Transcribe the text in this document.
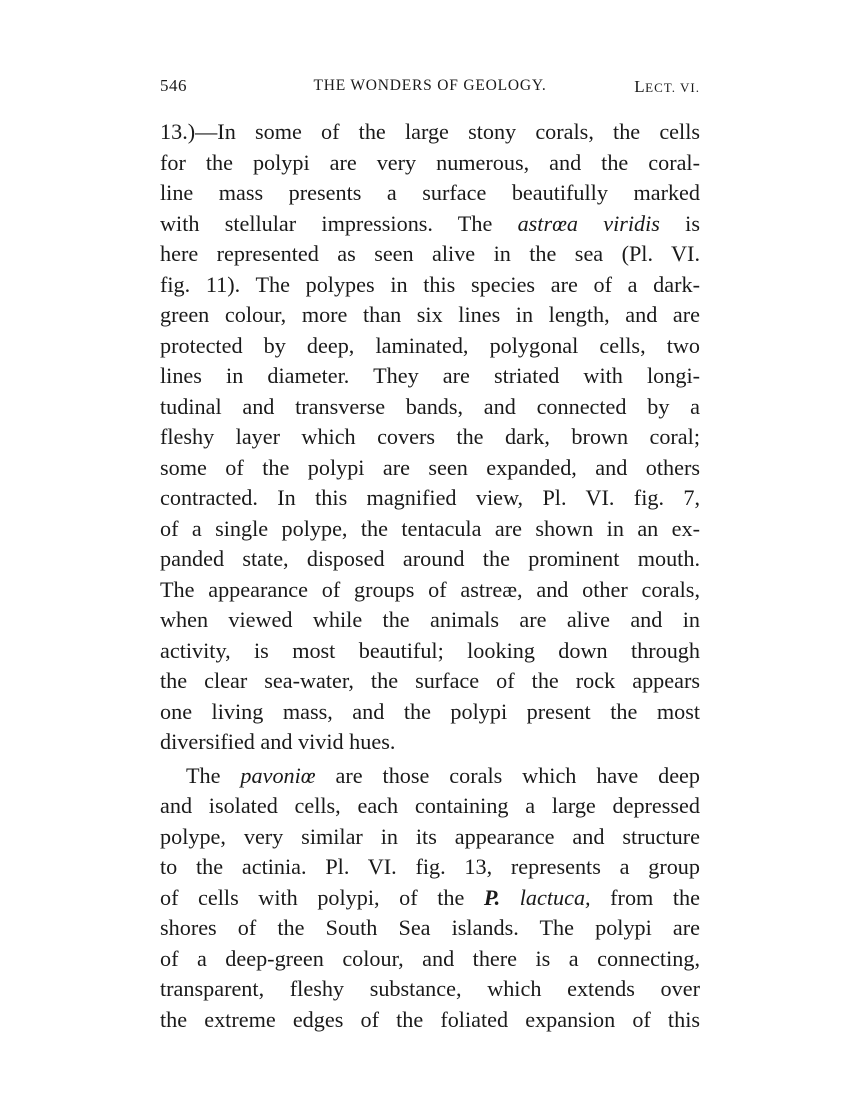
546	THE WONDERS OF GEOLOGY.	LECT. VI.
13.)—In some of the large stony corals, the cells
for the polypi are very numerous, and the coral-
line mass presents a surface beautifully marked
with stellular impressions. The astrœa viridis is
here represented as seen alive in the sea (Pl. VI.
fig. 11). The polypes in this species are of a dark-
green colour, more than six lines in length, and are
protected by deep, laminated, polygonal cells, two
lines in diameter. They are striated with longi-
tudinal and transverse bands, and connected by a
fleshy layer which covers the dark, brown coral;
some of the polypi are seen expanded, and others
contracted. In this magnified view, Pl. VI. fig. 7,
of a single polype, the tentacula are shown in an ex-
panded state, disposed around the prominent mouth.
The appearance of groups of astreæ, and other corals,
when viewed while the animals are alive and in
activity, is most beautiful; looking down through
the clear sea-water, the surface of the rock appears
one living mass, and the polypi present the most
diversified and vivid hues.
The pavoniœ are those corals which have deep
and isolated cells, each containing a large depressed
polype, very similar in its appearance and structure
to the actinia. Pl. VI. fig. 13, represents a group
of cells with polypi, of the P. lactuca, from the
shores of the South Sea islands. The polypi are
of a deep-green colour, and there is a connecting,
transparent, fleshy substance, which extends over
the extreme edges of the foliated expansion of this
